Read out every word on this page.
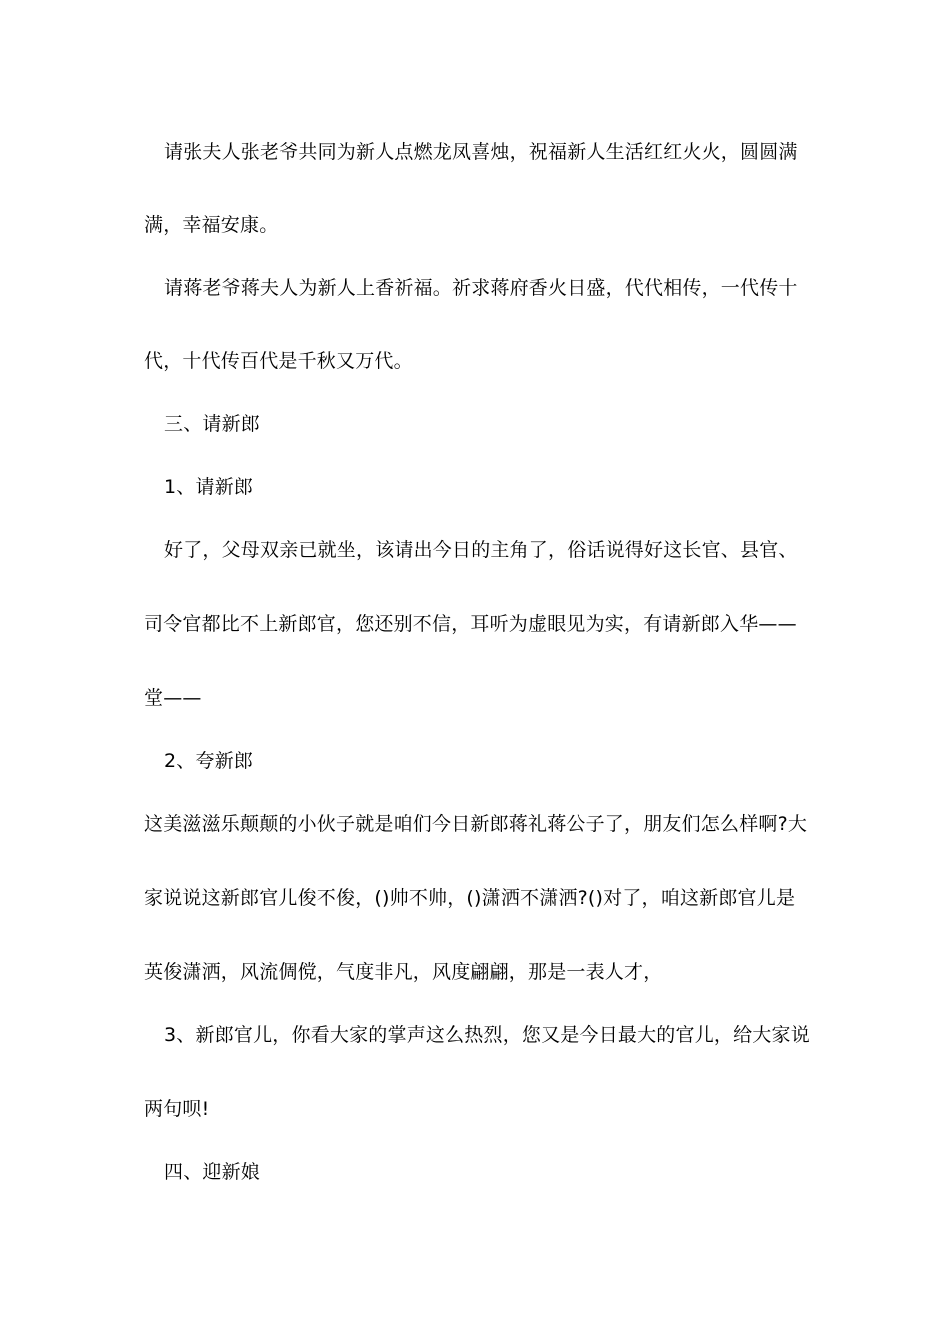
请张夫人张老爷共同为新人点燃龙凤喜烛，祝福新人生活红红火火，圆圆满
满，幸福安康。
请蒋老爷蒋夫人为新人上香祈福。祈求蒋府香火日盛，代代相传，一代传十
代，十代传百代是千秋又万代。
三、请新郎
1、请新郎
好了，父母双亲已就坐，该请出今日的主角了，俗话说得好这长官、县官、
司令官都比不上新郎官，您还别不信，耳听为虚眼见为实，有请新郎入华——
堂——
2、夸新郎
这美滋滋乐颠颠的小伙子就是咱们今日新郎蒋礼蒋公子了，朋友们怎么样啊?大
家说说这新郎官儿俊不俊，()帅不帅，()潇洒不潇洒?()对了，咱这新郎官儿是
英俊潇洒，风流倜傥，气度非凡，风度翩翩，那是一表人才，
3、新郎官儿，你看大家的掌声这么热烈，您又是今日最大的官儿，给大家说
两句呗!
四、迎新娘
